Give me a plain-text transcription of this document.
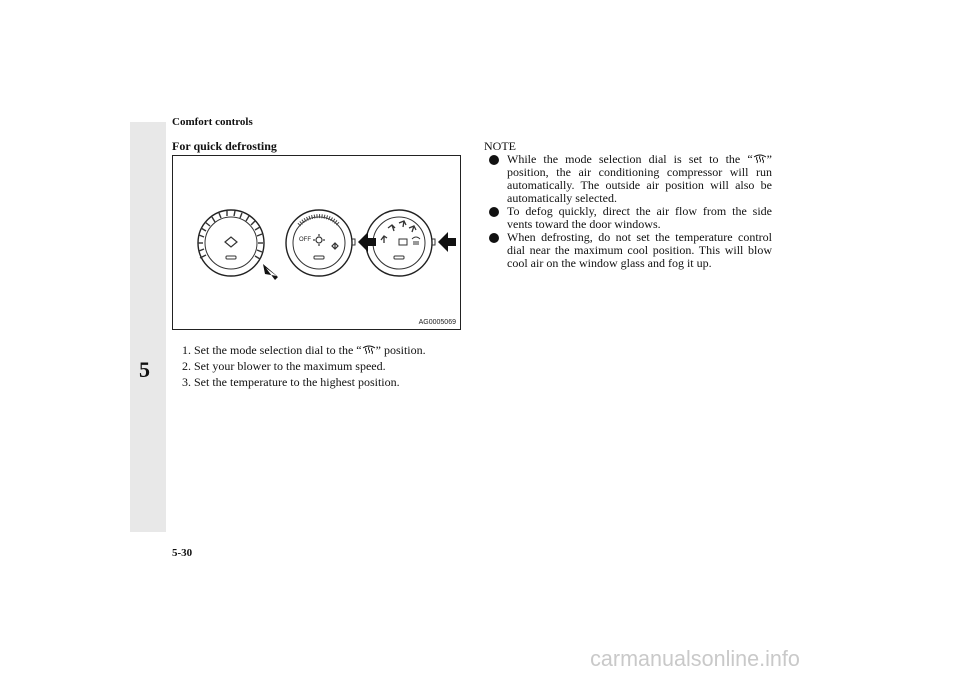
Comfort controls
5
For quick defrosting
OFF
AG0005069
1. Set the mode selection dial to the “ ” position.
2. Set your blower to the maximum speed.
3. Set the temperature to the highest position.
NOTE
While the mode selection dial is set to the “ ” position, the air conditioning compressor will run automatically. The outside air position will also be automatically selected.
To defog quickly, direct the air flow from the side vents toward the door windows.
When defrosting, do not set the temperature control dial near the maximum cool position. This will blow cool air on the window glass and fog it up.
5-30
carmanualsonline.info
